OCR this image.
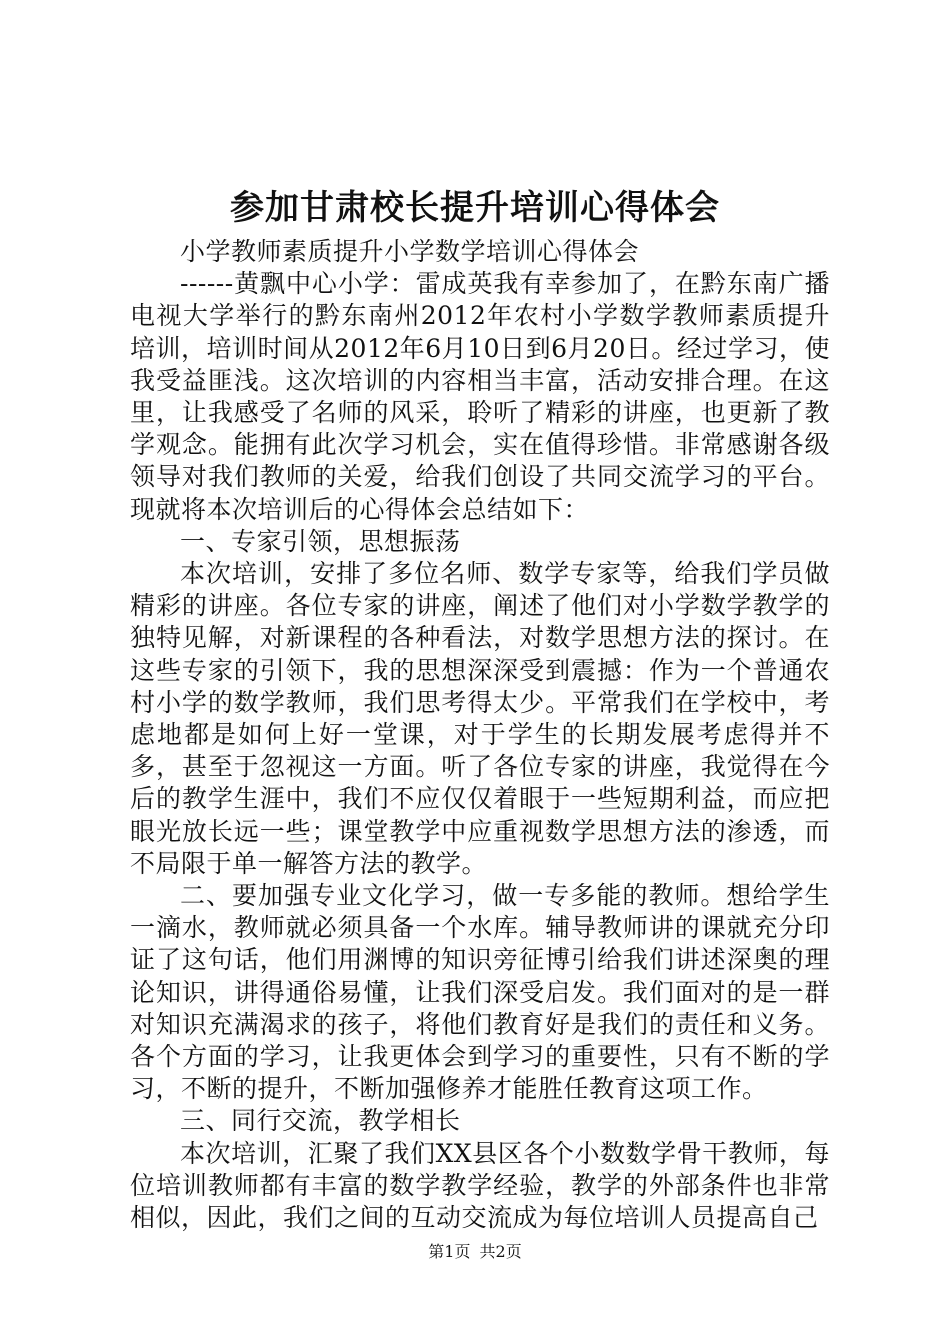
参加甘肃校长提升培训心得体会

小学教师素质提升小学数学培训心得体会

------黄飘中心小学：雷成英我有幸参加了，在黔东南广播电视大学举行的黔东南州2012年农村小学数学教师素质提升培训，培训时间从2012年6月10日到6月20日。经过学习，使我受益匪浅。这次培训的内容相当丰富，活动安排合理。在这里，让我感受了名师的风采，聆听了精彩的讲座，也更新了教学观念。能拥有此次学习机会，实在值得珍惜。非常感谢各级领导对我们教师的关爱，给我们创设了共同交流学习的平台。现就将本次培训后的心得体会总结如下：

一、专家引领，思想振荡

本次培训，安排了多位名师、数学专家等，给我们学员做精彩的讲座。各位专家的讲座，阐述了他们对小学数学教学的独特见解，对新课程的各种看法，对数学思想方法的探讨。在这些专家的引领下，我的思想深深受到震撼：作为一个普通农村小学的数学教师，我们思考得太少。平常我们在学校中，考虑地都是如何上好一堂课，对于学生的长期发展考虑得并不多，甚至于忽视这一方面。听了各位专家的讲座，我觉得在今后的教学生涯中，我们不应仅仅着眼于一些短期利益，而应把眼光放长远一些；课堂教学中应重视数学思想方法的渗透，而不局限于单一解答方法的教学。

二、要加强专业文化学习，做一专多能的教师。想给学生一滴水，教师就必须具备一个水库。辅导教师讲的课就充分印证了这句话，他们用渊博的知识旁征博引给我们讲述深奥的理论知识，讲得通俗易懂，让我们深受启发。我们面对的是一群对知识充满渴求的孩子，将他们教育好是我们的责任和义务。各个方面的学习，让我更体会到学习的重要性，只有不断的学习，不断的提升，不断加强修养才能胜任教育这项工作。

三、同行交流，教学相长

本次培训，汇聚了我们XX县区各个小数数学骨干教师，每位培训教师都有丰富的数学教学经验，教学的外部条件也非常相似，因此，我们之间的互动交流成为每位培训人员提高自己

第1页 共2页
